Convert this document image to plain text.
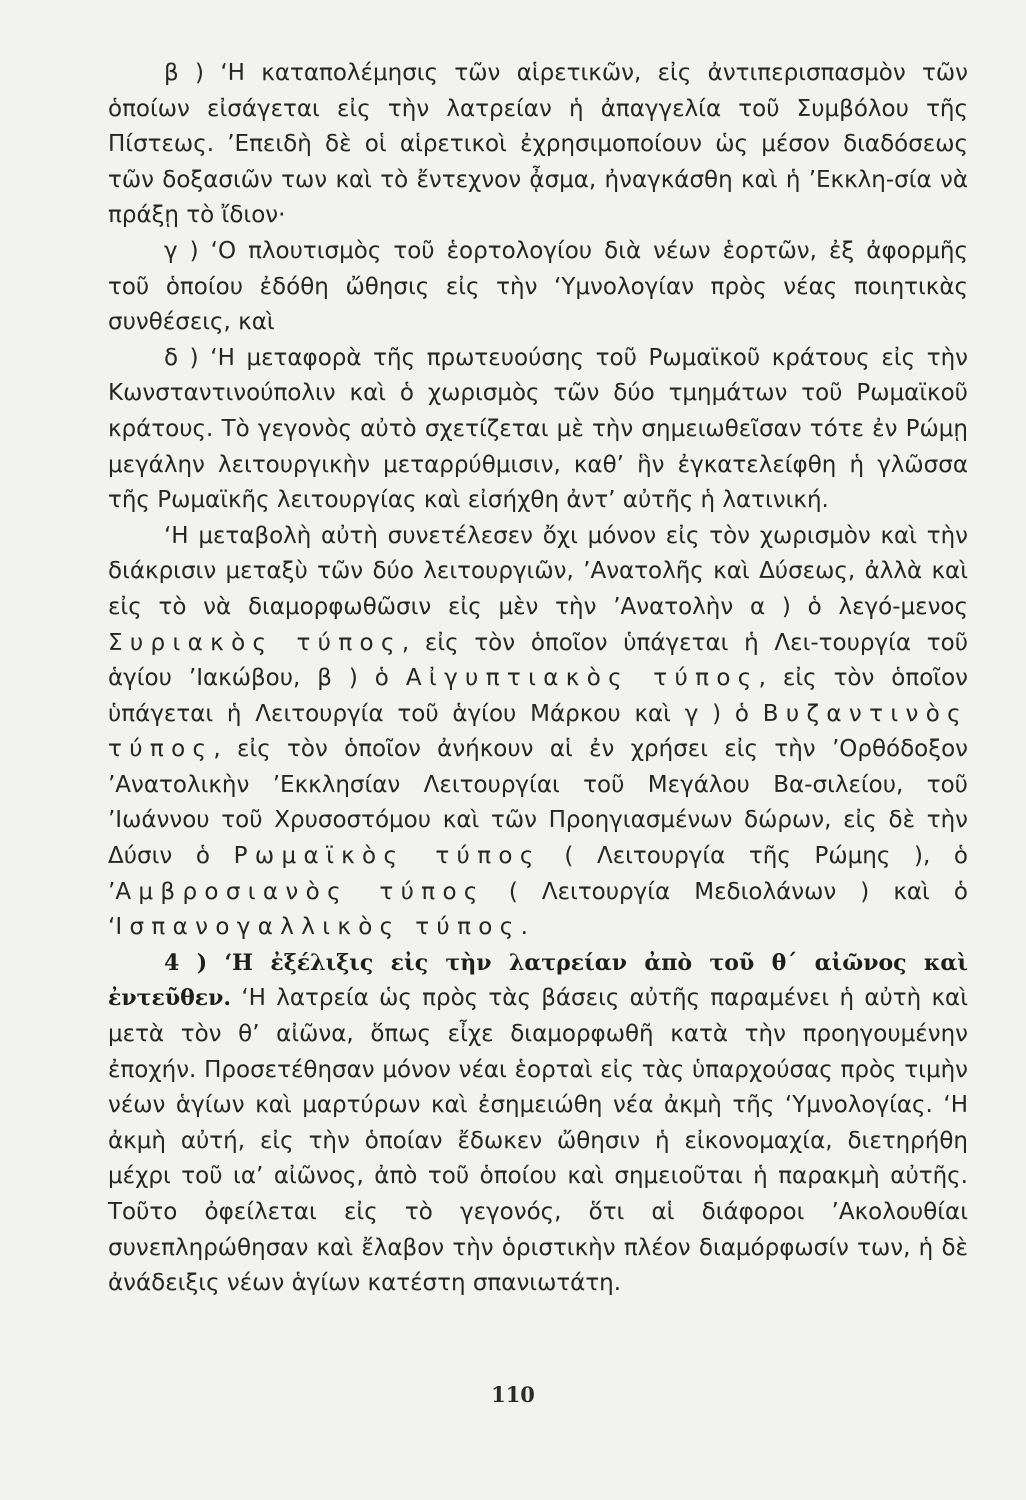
β ) ‘Η καταπολέμησις τῶν αἱρετικῶν, εἰς ἀντιπερισπασμὸν τῶν ὁποίων εἰσάγεται εἰς τὴν λατρείαν ἡ ἀπαγγελία τοῦ Συμβόλου τῆς Πίστεως. ’Επειδὴ δὲ οἱ αἱρετικοὶ ἐχρησιμοποίουν ὡς μέσον διαδόσεως τῶν δοξασιῶν των καὶ τὸ ἔντεχνον ᾆσμα, ἠναγκάσθη καὶ ἡ ’Εκκλη-σία νὰ πράξῃ τὸ ἴδιον·

γ ) ‘Ο πλουτισμὸς τοῦ ἑορτολογίου διὰ νέων ἑορτῶν, ἐξ ἀφορμῆς τοῦ ὁποίου ἐδόθη ὤθησις εἰς τὴν ‘Υμνολογίαν πρὸς νέας ποιητικὰς συνθέσεις, καὶ

δ ) ‘Η μεταφορὰ τῆς πρωτευούσης τοῦ Ρωμαϊκοῦ κράτους εἰς τὴν Κωνσταντινούπολιν καὶ ὁ χωρισμὸς τῶν δύο τμημάτων τοῦ Ρωμαϊκοῦ κράτους. Τὸ γεγονὸς αὐτὸ σχετίζεται μὲ τὴν σημειωθεῖσαν τότε ἐν Ρώμῃ μεγάλην λειτουργικὴν μεταρρύθμισιν, καθ’ ἣν ἐγκατελείφθη ἡ γλῶσσα τῆς Ρωμαϊκῆς λειτουργίας καὶ εἰσήχθη ἀντ’ αὐτῆς ἡ λατινική.

‘Η μεταβολὴ αὐτὴ συνετέλεσεν ὄχι μόνον εἰς τὸν χωρισμὸν καὶ τὴν διάκρισιν μεταξὺ τῶν δύο λειτουργιῶν, ’Ανατολῆς καὶ Δύσεως, ἀλλὰ καὶ εἰς τὸ νὰ διαμορφωθῶσιν εἰς μὲν τὴν ’Ανατολὴν α ) ὁ λεγό-μενος Συριακὸς τύπος, εἰς τὸν ὁποῖον ὑπάγεται ἡ Λει-τουργία τοῦ ἁγίου ’Ιακώβου, β ) ὁ Αἰγυπτιακὸς τύπος, εἰς τὸν ὁποῖον ὑπάγεται ἡ Λειτουργία τοῦ ἁγίου Μάρκου καὶ γ ) ὁ Βυζαντινὸς τύπος, εἰς τὸν ὁποῖον ἀνήκουν αἱ ἐν χρήσει εἰς τὴν ’Ορθόδοξον ’Ανατολικὴν ’Εκκλησίαν Λειτουργίαι τοῦ Μεγάλου Βα-σιλείου, τοῦ ’Ιωάννου τοῦ Χρυσοστόμου καὶ τῶν Προηγιασμένων δώρων, εἰς δὲ τὴν Δύσιν ὁ Ρωμαϊκὸς τύπος ( Λειτουργία τῆς Ρώμης ), ὁ ’Αμβροσιανὸς τύπος ( Λειτουργία Μεδιολάνων ) καὶ ὁ ‘Ισπανογαλλικὸς τύπος.

4 ) ‘Η ἐξέλιξις εἰς τὴν λατρείαν ἀπὸ τοῦ θ΄ αἰῶνος καὶ ἐντεῦθεν. ‘Η λατρεία ὡς πρὸς τὰς βάσεις αὐτῆς παραμένει ἡ αὐτὴ καὶ μετὰ τὸν θ’ αἰῶνα, ὅπως εἶχε διαμορφωθῆ κατὰ τὴν προηγουμένην ἐποχήν. Προσετέθησαν μόνον νέαι ἑορταὶ εἰς τὰς ὑπαρχούσας πρὸς τιμὴν νέων ἁγίων καὶ μαρτύρων καὶ ἐσημειώθη νέα ἀκμὴ τῆς ‘Υμνολογίας. ‘Η ἀκμὴ αὐτή, εἰς τὴν ὁποίαν ἔδωκεν ὤθησιν ἡ εἰκονομαχία, διετηρήθη μέχρι τοῦ ια’ αἰῶνος, ἀπὸ τοῦ ὁποίου καὶ σημειοῦται ἡ παρακμὴ αὐτῆς. Τοῦτο ὀφείλεται εἰς τὸ γεγονός, ὅτι αἱ διάφοροι ’Ακολουθίαι συνεπληρώθησαν καὶ ἔλαβον τὴν ὁριστικὴν πλέον διαμόρφωσίν των, ἡ δὲ ἀνάδειξις νέων ἁγίων κατέστη σπανιωτάτη.

110
